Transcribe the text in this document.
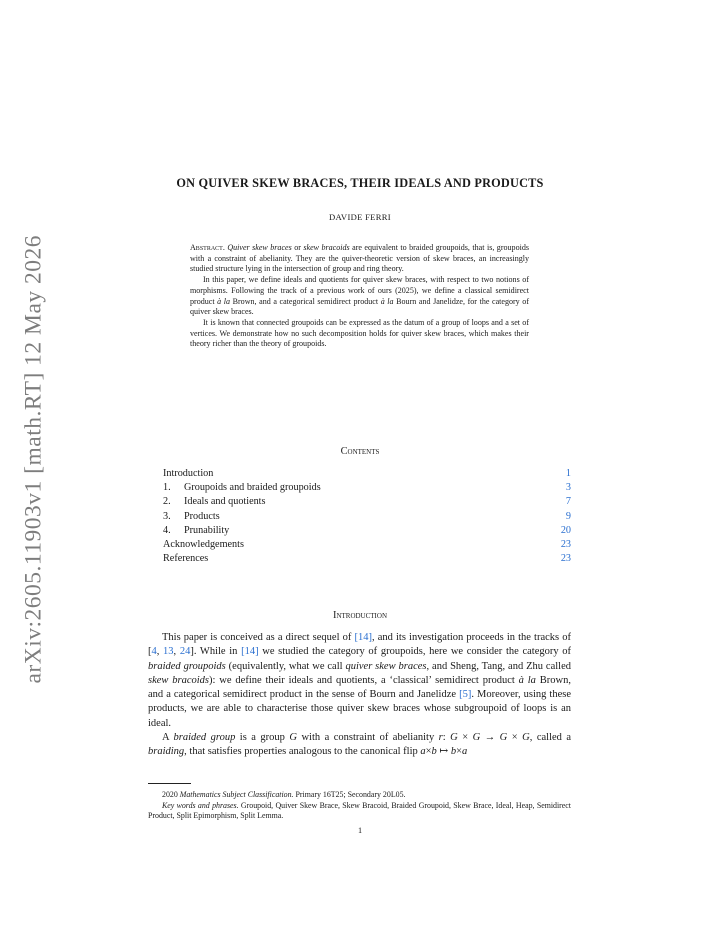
arXiv:2605.11903v1 [math.RT] 12 May 2026
ON QUIVER SKEW BRACES, THEIR IDEALS AND PRODUCTS
DAVIDE FERRI

Abstract. Quiver skew braces or skew bracoids are equivalent to braided groupoids, that is, groupoids with a constraint of abelianity. They are the quiver-theoretic version of skew braces, an increasingly studied structure lying in the intersection of group and ring theory.

In this paper, we define ideals and quotients for quiver skew braces, with respect to two notions of morphisms. Following the track of a previous work of ours (2025), we define a classical semidirect product à la Brown, and a categorical semidirect product à la Bourn and Janelidze, for the category of quiver skew braces.

It is known that connected groupoids can be expressed as the datum of a group of loops and a set of vertices. We demonstrate how no such decomposition holds for quiver skew braces, which makes their theory richer than the theory of groupoids.

Contents
Introduction	1
1. Groupoids and braided groupoids	3
2. Ideals and quotients	7
3. Products	9
4. Prunability	20
Acknowledgements	23
References	23
Introduction

This paper is conceived as a direct sequel of [14], and its investigation proceeds in the tracks of [4, 13, 24]. While in [14] we studied the category of groupoids, here we consider the category of braided groupoids (equivalently, what we call quiver skew braces, and Sheng, Tang, and Zhu called skew bracoids): we define their ideals and quotients, a ‘classical’ semidirect product à la Brown, and a categorical semidirect product in the sense of Bourn and Janelidze [5]. Moreover, using these products, we are able to characterise those quiver skew braces whose subgroupoid of loops is an ideal.

A braided group is a group G with a constraint of abelianity r: G × G → G × G, called a braiding, that satisfies properties analogous to the canonical flip a×b ↦ b×a

2020 Mathematics Subject Classification. Primary 16T25; Secondary 20L05.

Key words and phrases. Groupoid, Quiver Skew Brace, Skew Bracoid, Braided Groupoid, Skew Brace, Ideal, Heap, Semidirect Product, Split Epimorphism, Split Lemma.

1
